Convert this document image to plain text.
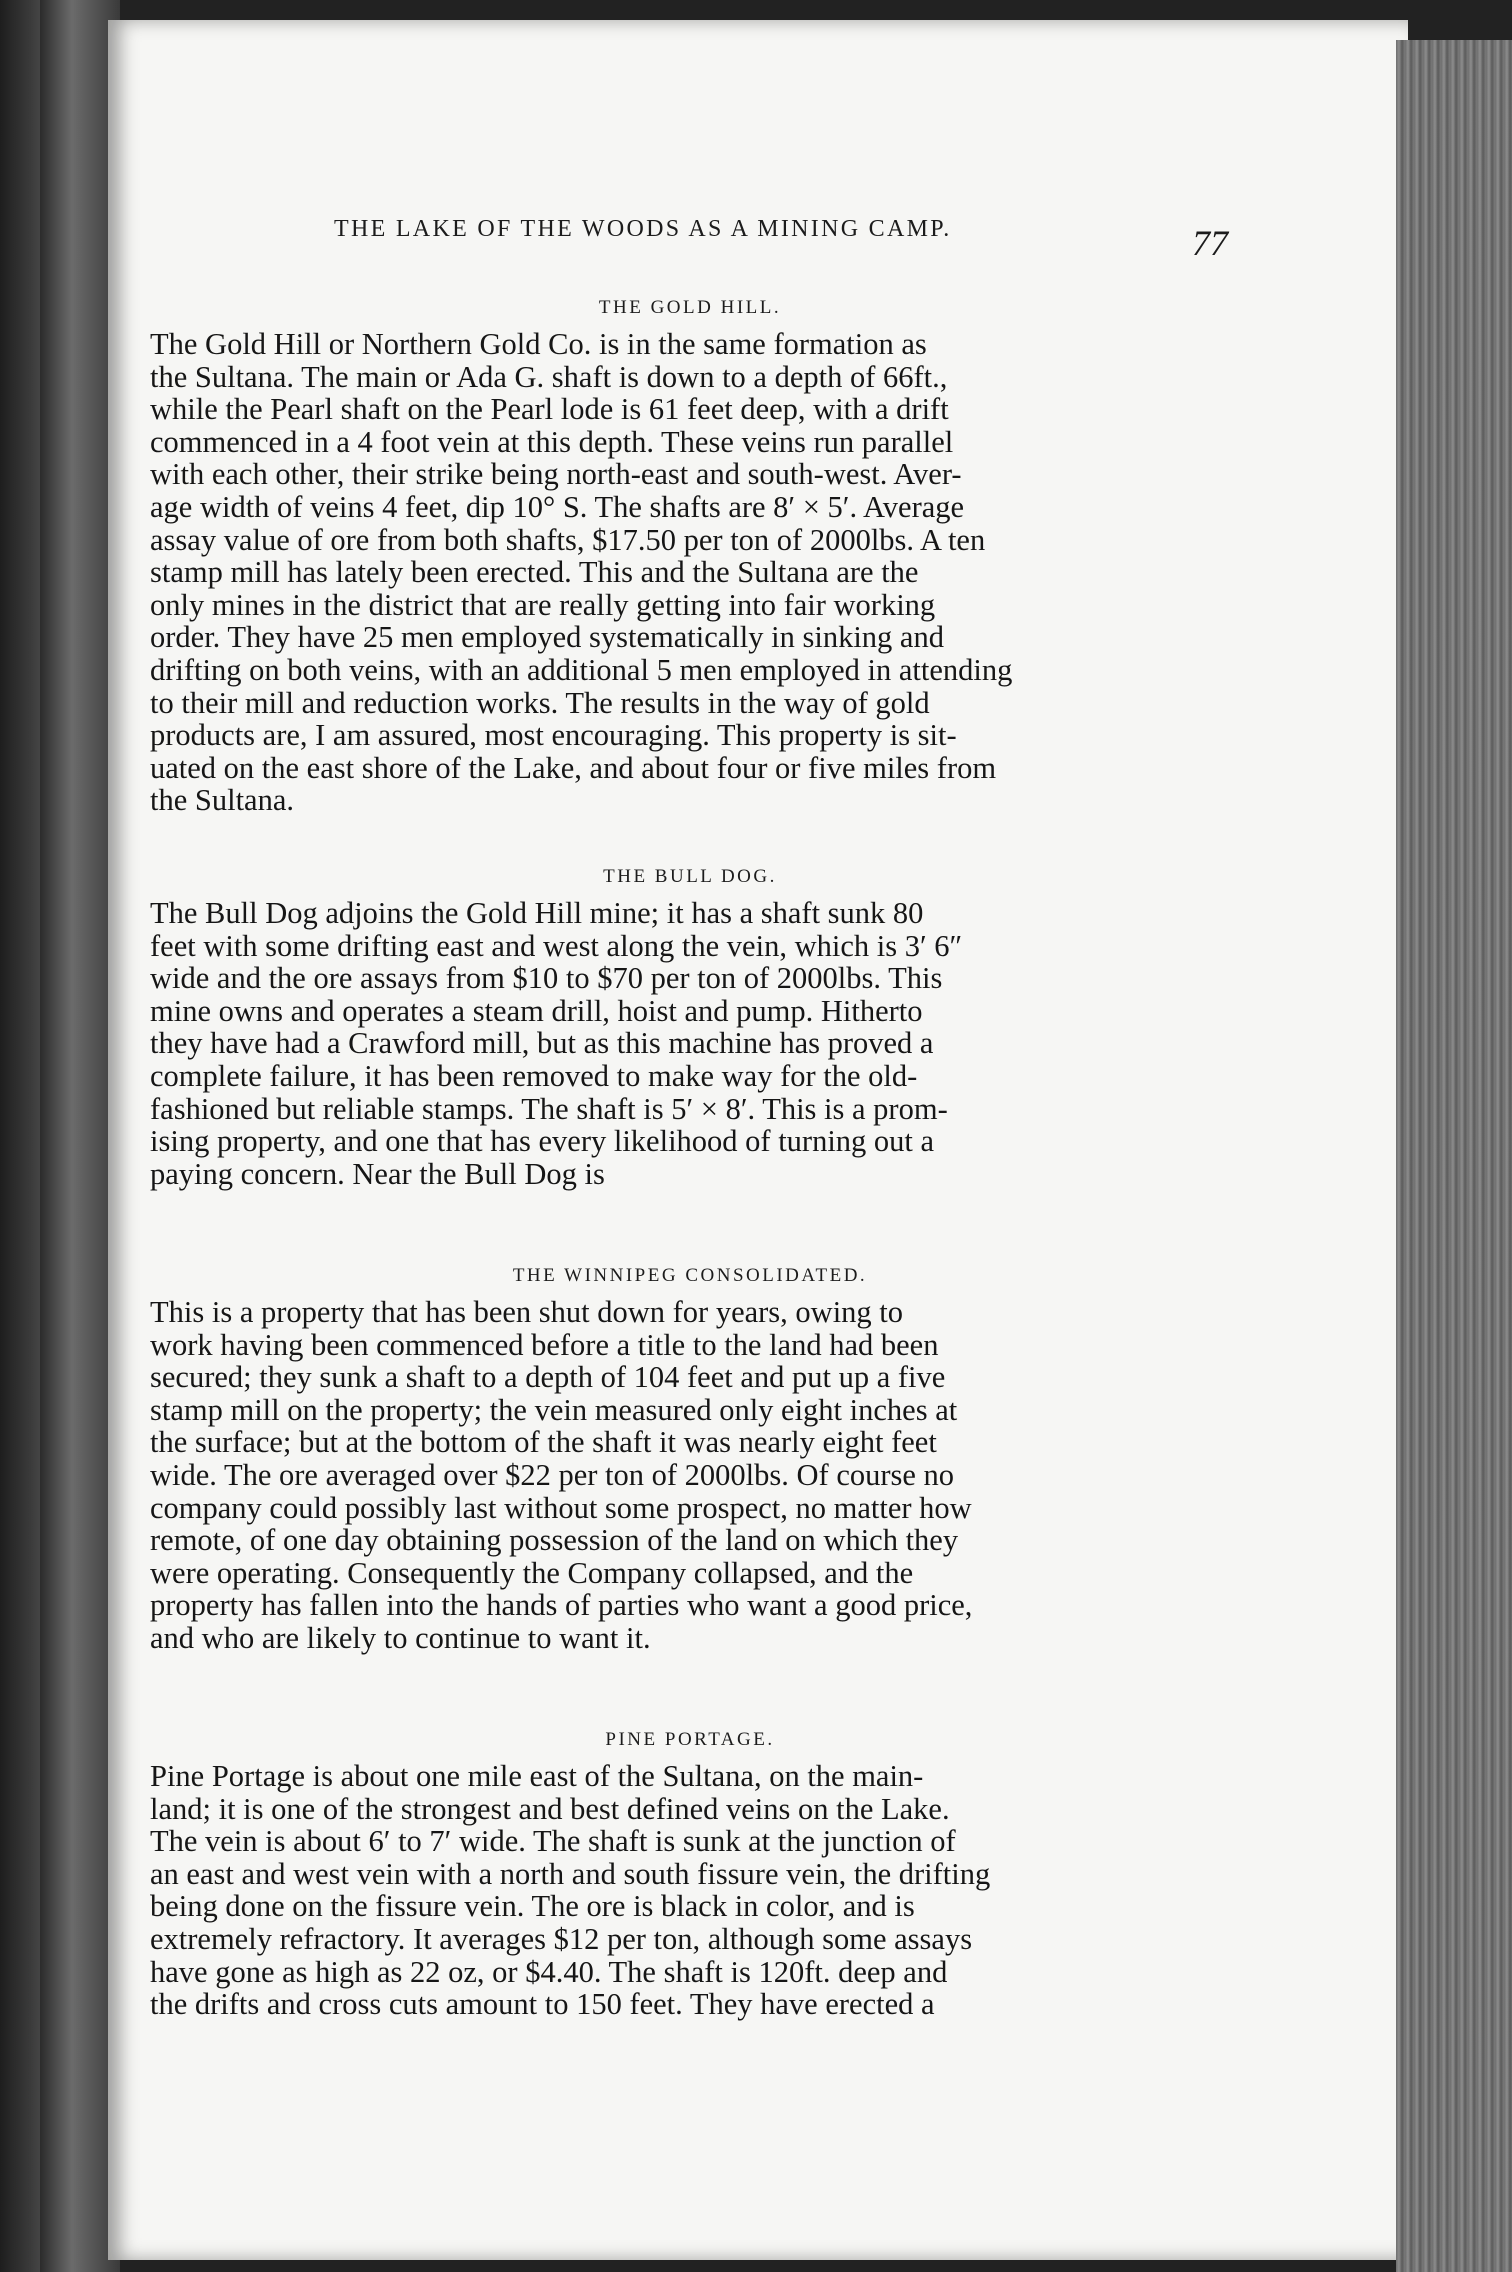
THE LAKE OF THE WOODS AS A MINING CAMP.	77
THE GOLD HILL.

The Gold Hill or Northern Gold Co. is in the same formation as
the Sultana. The main or Ada G. shaft is down to a depth of 66ft.,
while the Pearl shaft on the Pearl lode is 61 feet deep, with a drift
commenced in a 4 foot vein at this depth. These veins run parallel
with each other, their strike being north-east and south-west. Aver-
age width of veins 4 feet, dip 10° S. The shafts are 8′ × 5′. Average
assay value of ore from both shafts, $17.50 per ton of 2000lbs. A ten
stamp mill has lately been erected. This and the Sultana are the
only mines in the district that are really getting into fair working
order. They have 25 men employed systematically in sinking and
drifting on both veins, with an additional 5 men employed in attending
to their mill and reduction works. The results in the way of gold
products are, I am assured, most encouraging. This property is sit-
uated on the east shore of the Lake, and about four or five miles from
the Sultana.

THE BULL DOG.

The Bull Dog adjoins the Gold Hill mine; it has a shaft sunk 80
feet with some drifting east and west along the vein, which is 3′ 6″
wide and the ore assays from $10 to $70 per ton of 2000lbs. This
mine owns and operates a steam drill, hoist and pump. Hitherto
they have had a Crawford mill, but as this machine has proved a
complete failure, it has been removed to make way for the old-
fashioned but reliable stamps. The shaft is 5′ × 8′. This is a prom-
ising property, and one that has every likelihood of turning out a
paying concern. Near the Bull Dog is

THE WINNIPEG CONSOLIDATED.

This is a property that has been shut down for years, owing to
work having been commenced before a title to the land had been
secured; they sunk a shaft to a depth of 104 feet and put up a five
stamp mill on the property; the vein measured only eight inches at
the surface; but at the bottom of the shaft it was nearly eight feet
wide. The ore averaged over $22 per ton of 2000lbs. Of course no
company could possibly last without some prospect, no matter how
remote, of one day obtaining possession of the land on which they
were operating. Consequently the Company collapsed, and the
property has fallen into the hands of parties who want a good price,
and who are likely to continue to want it.

PINE PORTAGE.

Pine Portage is about one mile east of the Sultana, on the main-
land; it is one of the strongest and best defined veins on the Lake.
The vein is about 6′ to 7′ wide. The shaft is sunk at the junction of
an east and west vein with a north and south fissure vein, the drifting
being done on the fissure vein. The ore is black in color, and is
extremely refractory. It averages $12 per ton, although some assays
have gone as high as 22 oz, or $4.40. The shaft is 120ft. deep and
the drifts and cross cuts amount to 150 feet. They have erected a
